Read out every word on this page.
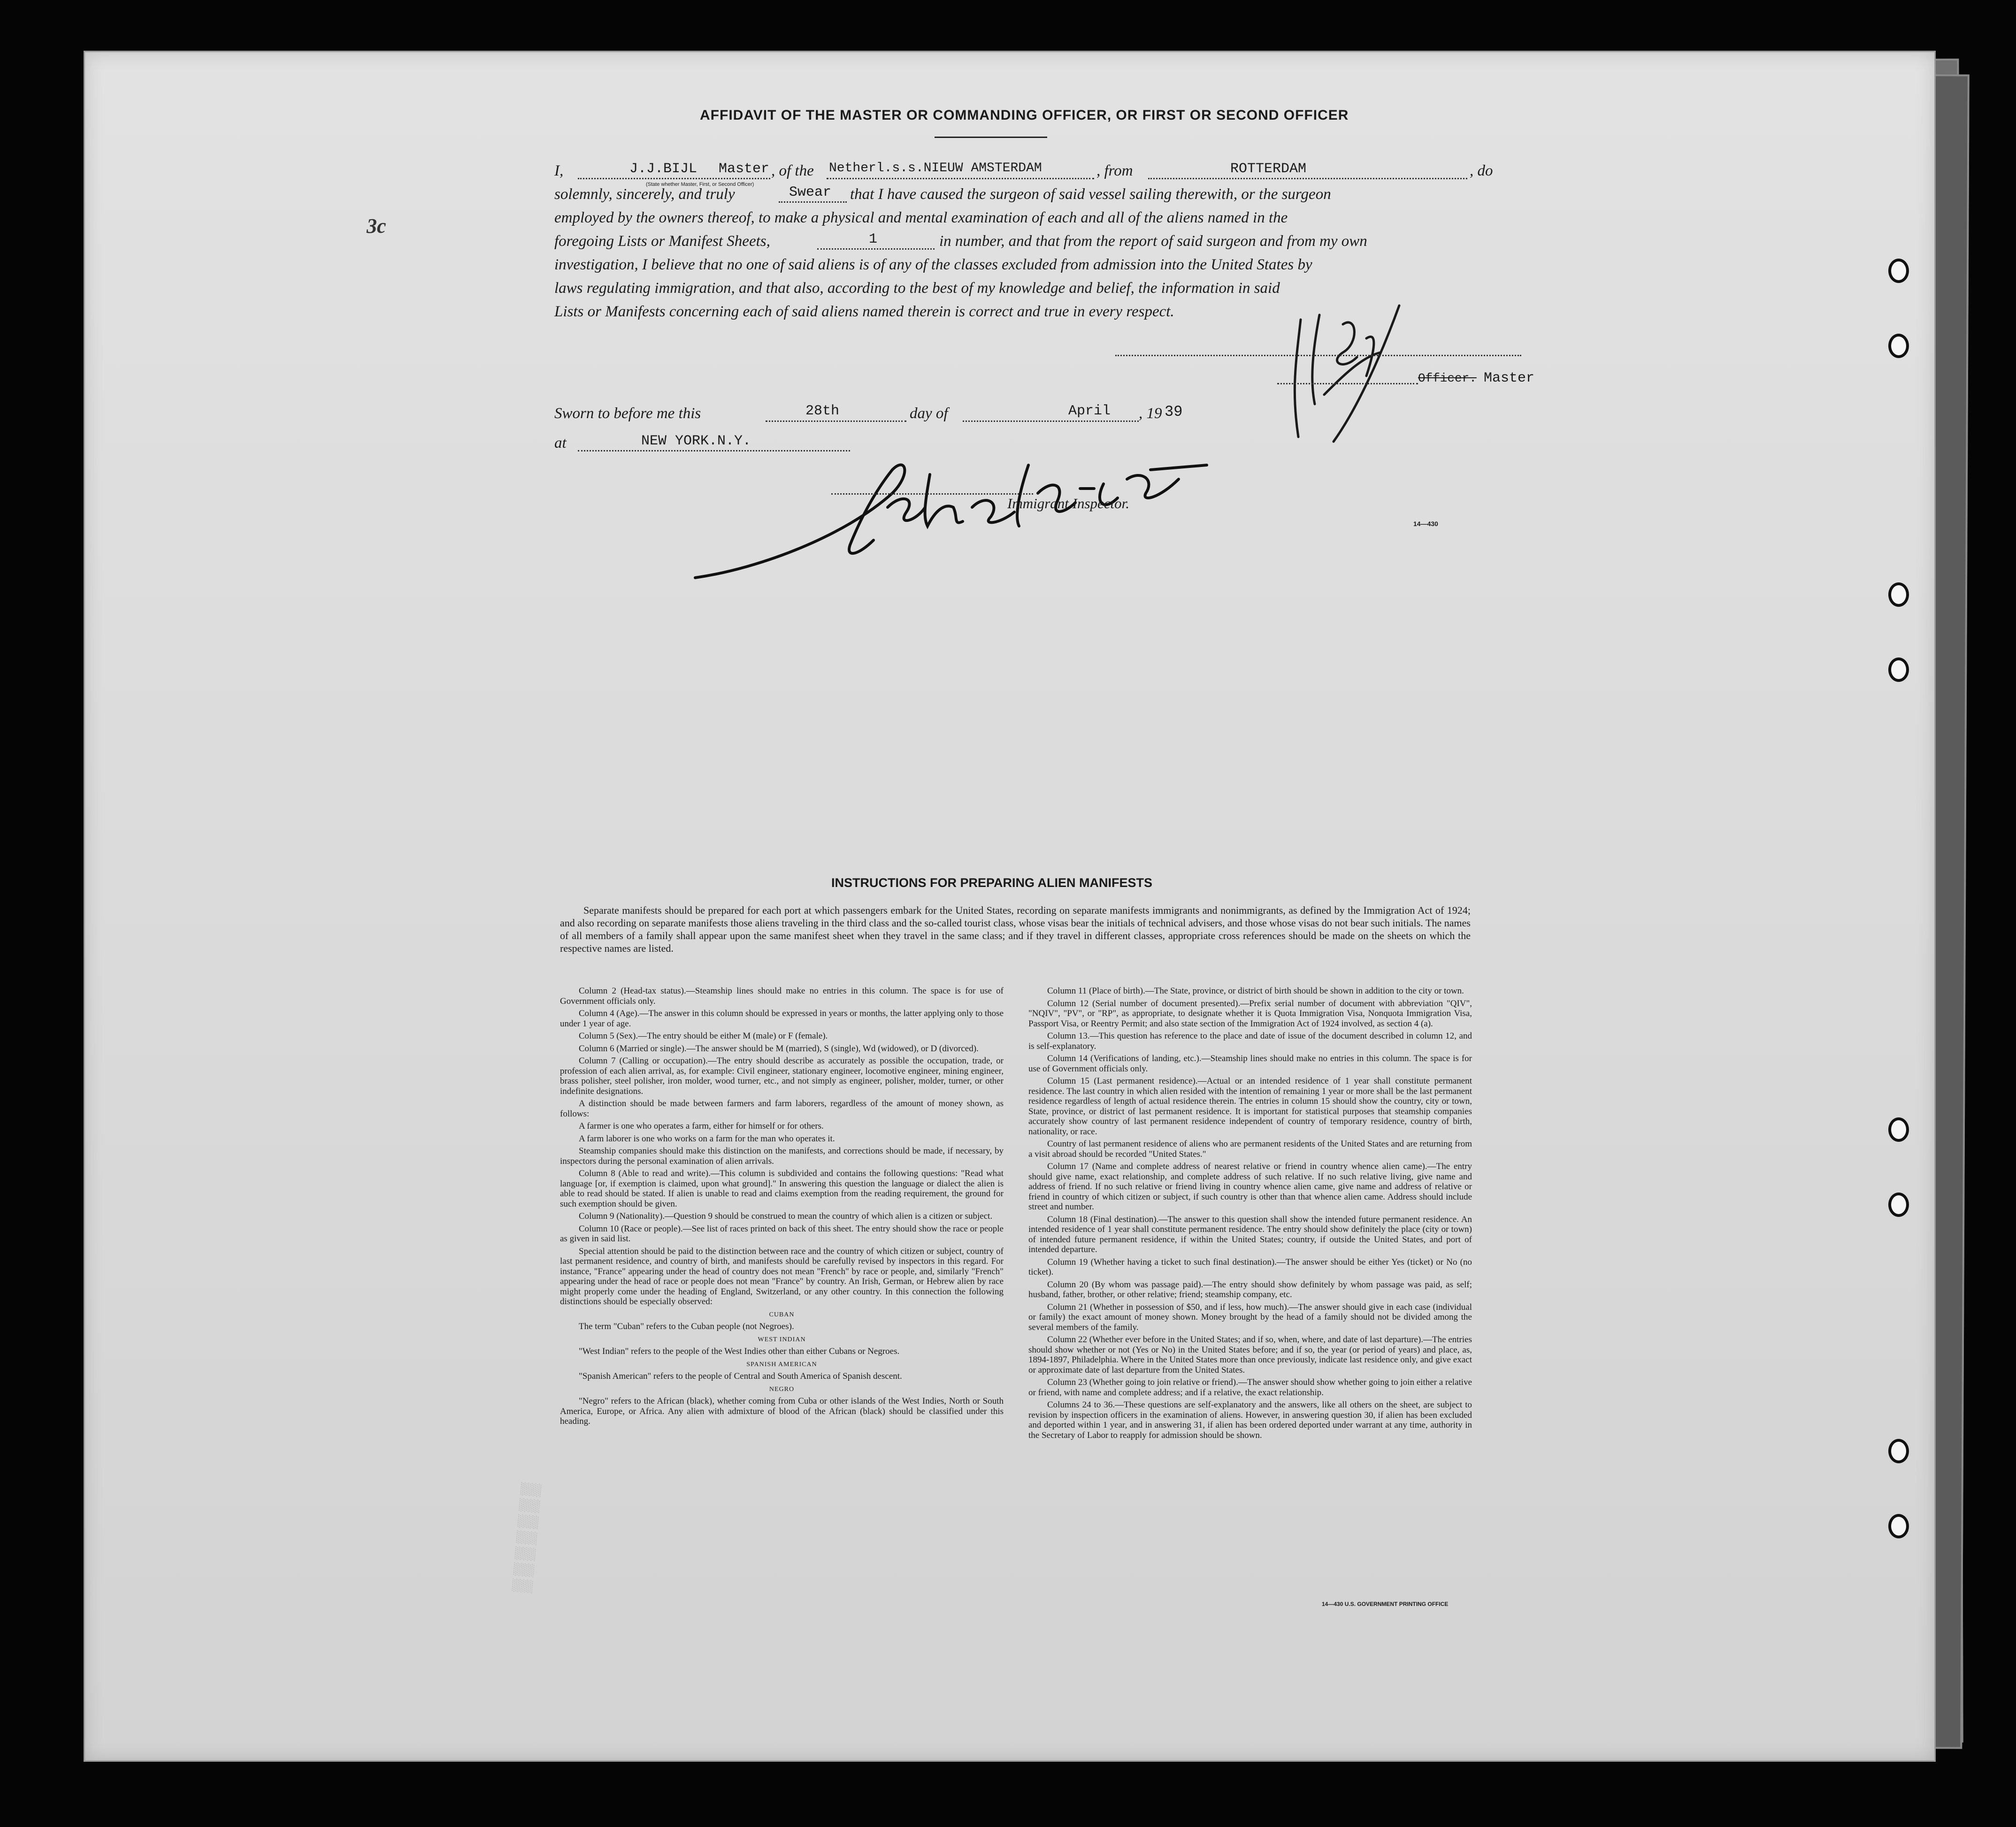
3c
AFFIDAVIT OF THE MASTER OR COMMANDING OFFICER, OR FIRST OR SECOND OFFICER
I,	J.J.BIJL Master
(State whether Master, First, or Second Officer)
, of the Netherl.s.s.NIEUW AMSTERDAM	, from	ROTTERDAM	, do
solemnly, sincerely, and truly	Swear that I have caused the surgeon of said vessel sailing therewith, or the surgeon
employed by the owners thereof, to make a physical and mental examination of each and all of the aliens named in the
foregoing Lists or Manifest Sheets,	1	in number, and that from the report of said surgeon and from my own
investigation, I believe that no one of said aliens is of any of the classes excluded from admission into the United States by
laws regulating immigration, and that also, according to the best of my knowledge and belief, the information in said
Lists or Manifests concerning each of said aliens named therein is correct and true in every respect.
Officer. Master
Sworn to before me this	28th	day of	April , 19 39
at	NEW YORK.N.Y.
Immigrant Inspector.
14—430
INSTRUCTIONS FOR PREPARING ALIEN MANIFESTS

Separate manifests should be prepared for each port at which passengers embark for the United States, recording on separate manifests immigrants and nonimmigrants, as defined by the Immigration Act of 1924; and also recording on separate manifests those aliens traveling in the third class and the so-called tourist class, whose visas bear the initials of technical advisers, and those whose visas do not bear such initials. The names of all members of a family shall appear upon the same manifest sheet when they travel in the same class; and if they travel in different classes, appropriate cross references should be made on the sheets on which the respective names are listed.

Column 2 (Head-tax status).—Steamship lines should make no entries in this column. The space is for use of Government officials only.

Column 4 (Age).—The answer in this column should be expressed in years or months, the latter applying only to those under 1 year of age.

Column 5 (Sex).—The entry should be either M (male) or F (female).

Column 6 (Married or single).—The answer should be M (married), S (single), Wd (widowed), or D (divorced).

Column 7 (Calling or occupation).—The entry should describe as accurately as possible the occupation, trade, or profession of each alien arrival, as, for example: Civil engineer, stationary engineer, locomotive engineer, mining engineer, brass polisher, steel polisher, iron molder, wood turner, etc., and not simply as engineer, polisher, molder, turner, or other indefinite designations.

A distinction should be made between farmers and farm laborers, regardless of the amount of money shown, as follows:

A farmer is one who operates a farm, either for himself or for others.

A farm laborer is one who works on a farm for the man who operates it.

Steamship companies should make this distinction on the manifests, and corrections should be made, if necessary, by inspectors during the personal examination of alien arrivals.

Column 8 (Able to read and write).—This column is subdivided and contains the following questions: "Read what language [or, if exemption is claimed, upon what ground]." In answering this question the language or dialect the alien is able to read should be stated. If alien is unable to read and claims exemption from the reading requirement, the ground for such exemption should be given.

Column 9 (Nationality).—Question 9 should be construed to mean the country of which alien is a citizen or subject.

Column 10 (Race or people).—See list of races printed on back of this sheet. The entry should show the race or people as given in said list.

Special attention should be paid to the distinction between race and the country of which citizen or subject, country of last permanent residence, and country of birth, and manifests should be carefully revised by inspectors in this regard. For instance, "France" appearing under the head of country does not mean "French" by race or people, and, similarly "French" appearing under the head of race or people does not mean "France" by country. An Irish, German, or Hebrew alien by race might properly come under the heading of England, Switzerland, or any other country. In this connection the following distinctions should be especially observed:

CUBAN

The term "Cuban" refers to the Cuban people (not Negroes).

WEST INDIAN

"West Indian" refers to the people of the West Indies other than either Cubans or Negroes.

SPANISH AMERICAN

"Spanish American" refers to the people of Central and South America of Spanish descent.

NEGRO

"Negro" refers to the African (black), whether coming from Cuba or other islands of the West Indies, North or South America, Europe, or Africa. Any alien with admixture of blood of the African (black) should be classified under this heading.

Column 11 (Place of birth).—The State, province, or district of birth should be shown in addition to the city or town.

Column 12 (Serial number of document presented).—Prefix serial number of document with abbreviation "QIV", "NQIV", "PV", or "RP", as appropriate, to designate whether it is Quota Immigration Visa, Nonquota Immigration Visa, Passport Visa, or Reentry Permit; and also state section of the Immigration Act of 1924 involved, as section 4 (a).

Column 13.—This question has reference to the place and date of issue of the document described in column 12, and is self-explanatory.

Column 14 (Verifications of landing, etc.).—Steamship lines should make no entries in this column. The space is for use of Government officials only.

Column 15 (Last permanent residence).—Actual or an intended residence of 1 year shall constitute permanent residence. The last country in which alien resided with the intention of remaining 1 year or more shall be the last permanent residence regardless of length of actual residence therein. The entries in column 15 should show the country, city or town, State, province, or district of last permanent residence. It is important for statistical purposes that steamship companies accurately show country of last permanent residence independent of country of temporary residence, country of birth, nationality, or race.

Country of last permanent residence of aliens who are permanent residents of the United States and are returning from a visit abroad should be recorded "United States."

Column 17 (Name and complete address of nearest relative or friend in country whence alien came).—The entry should give name, exact relationship, and complete address of such relative. If no such relative living, give name and address of friend. If no such relative or friend living in country whence alien came, give name and address of relative or friend in country of which citizen or subject, if such country is other than that whence alien came. Address should include street and number.

Column 18 (Final destination).—The answer to this question shall show the intended future permanent residence. An intended residence of 1 year shall constitute permanent residence. The entry should show definitely the place (city or town) of intended future permanent residence, if within the United States; country, if outside the United States, and port of intended departure.

Column 19 (Whether having a ticket to such final destination).—The answer should be either Yes (ticket) or No (no ticket).

Column 20 (By whom was passage paid).—The entry should show definitely by whom passage was paid, as self; husband, father, brother, or other relative; friend; steamship company, etc.

Column 21 (Whether in possession of $50, and if less, how much).—The answer should give in each case (individual or family) the exact amount of money shown. Money brought by the head of a family should not be divided among the several members of the family.

Column 22 (Whether ever before in the United States; and if so, when, where, and date of last departure).—The entries should show whether or not (Yes or No) in the United States before; and if so, the year (or period of years) and place, as, 1894-1897, Philadelphia. Where in the United States more than once previously, indicate last residence only, and give exact or approximate date of last departure from the United States.

Column 23 (Whether going to join relative or friend).—The answer should show whether going to join either a relative or friend, with name and complete address; and if a relative, the exact relationship.

Columns 24 to 36.—These questions are self-explanatory and the answers, like all others on the sheet, are subject to revision by inspection officers in the examination of aliens. However, in answering question 30, if alien has been excluded and deported within 1 year, and in answering 31, if alien has been ordered deported under warrant at any time, authority in the Secretary of Labor to reapply for admission should be shown.

14—430 U.S. GOVERNMENT PRINTING OFFICE
▒▒▒▒▒▒▒
